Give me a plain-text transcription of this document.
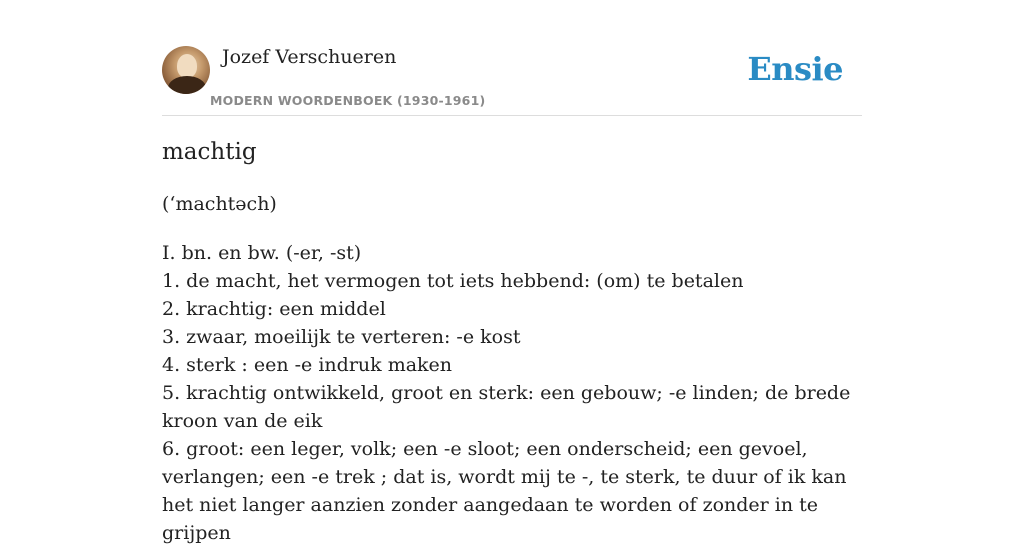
Jozef Verschueren
MODERN WOORDENBOEK (1930-1961)
Ensie
machtig
(‘machtəch)
I. bn. en bw. (-er, -st)
1. de macht, het vermogen tot iets hebbend: (om) te betalen
2. krachtig: een middel
3. zwaar, moeilijk te verteren: -e kost
4. sterk : een -e indruk maken
5. krachtig ontwikkeld, groot en sterk: een gebouw; -e linden; de brede kroon van de eik
6. groot: een leger, volk; een -e sloot; een onderscheid; een gevoel, verlangen; een -e trek ; dat is, wordt mij te -, te sterk, te duur of ik kan het niet langer aanzien zonder aangedaan te worden of zonder in te grijpen
